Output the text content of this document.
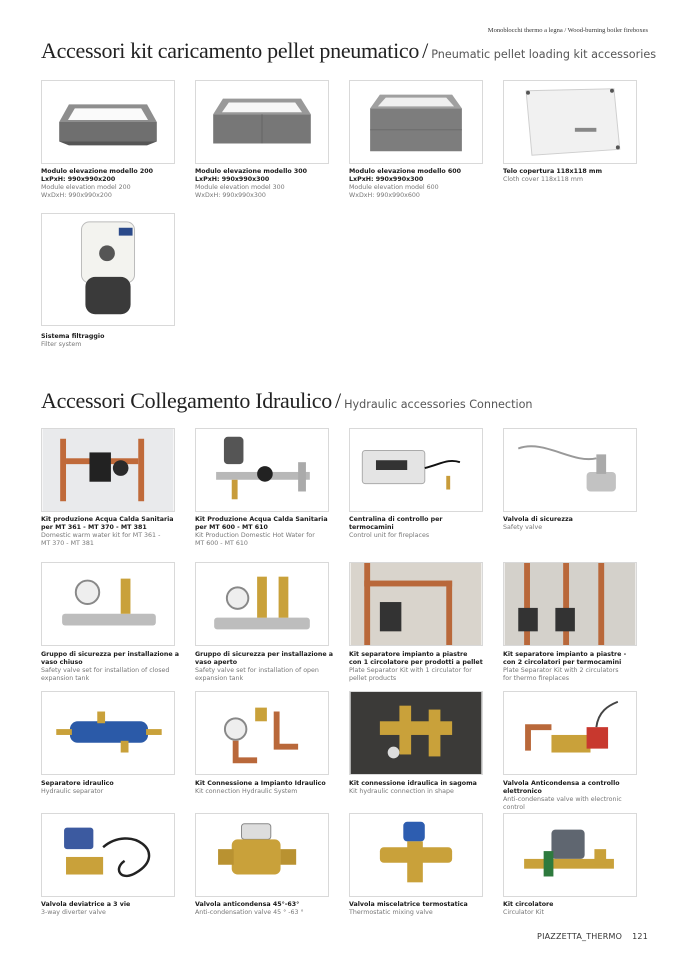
Monoblocchi thermo a legna / Wood-burning boiler fireboxes
Accessori kit caricamento pellet pneumatico / Pneumatic pellet loading kit accessories
Modulo elevazione modello 200
LxPxH: 990x990x200
Module elevation model 200
WxDxH: 990x990x200
Modulo elevazione modello 300
LxPxH: 990x990x300
Module elevation model 300
WxDxH: 990x990x300
Modulo elevazione modello 600
LxPxH: 990x990x300
Module elevation model 600
WxDxH: 990x990x600
Telo copertura 118x118 mm
Cloth cover 118x118 mm
Sistema filtraggio
Filter system
Accessori Collegamento Idraulico / Hydraulic accessories Connection
Kit produzione Acqua Calda Sanitaria
per MT 361 - MT 370 - MT 381
Domestic warm water kit for MT 361 -
MT 370 - MT 381
Kit Produzione Acqua Calda Sanitaria
per MT 600 - MT 610
Kit Production Domestic Hot Water for
MT 600 - MT 610
Centralina di controllo per
termocamini
Control unit for fireplaces
Valvola di sicurezza
Safety valve
Gruppo di sicurezza per installazione a
vaso chiuso
Safety valve set for installation of closed
expansion tank
Gruppo di sicurezza per installazione a
vaso aperto
Safety valve set for installation of open
expansion tank
Kit separatore impianto a piastre
con 1 circolatore per prodotti a pellet
Plate Separator Kit with 1 circulator for
pellet products
Kit separatore impianto a piastre -
con 2 circolatori per termocamini
Plate Separator Kit with 2 circulators
for thermo fireplaces
Separatore idraulico
Hydraulic separator
Kit Connessione a Impianto Idraulico
Kit connection Hydraulic System
Kit connessione idraulica in sagoma
Kit hydraulic connection in shape
Valvola Anticondensa a controllo
elettronico
Anti-condensate valve with electronic control
Valvola deviatrice a 3 vie
3-way diverter valve
Valvola anticondensa 45°-63°
Anti-condensation valve 45 ° -63 °
Valvola miscelatrice termostatica
Thermostatic mixing valve
Kit circolatore
Circulator Kit
PIAZZETTA_THERMO 121
